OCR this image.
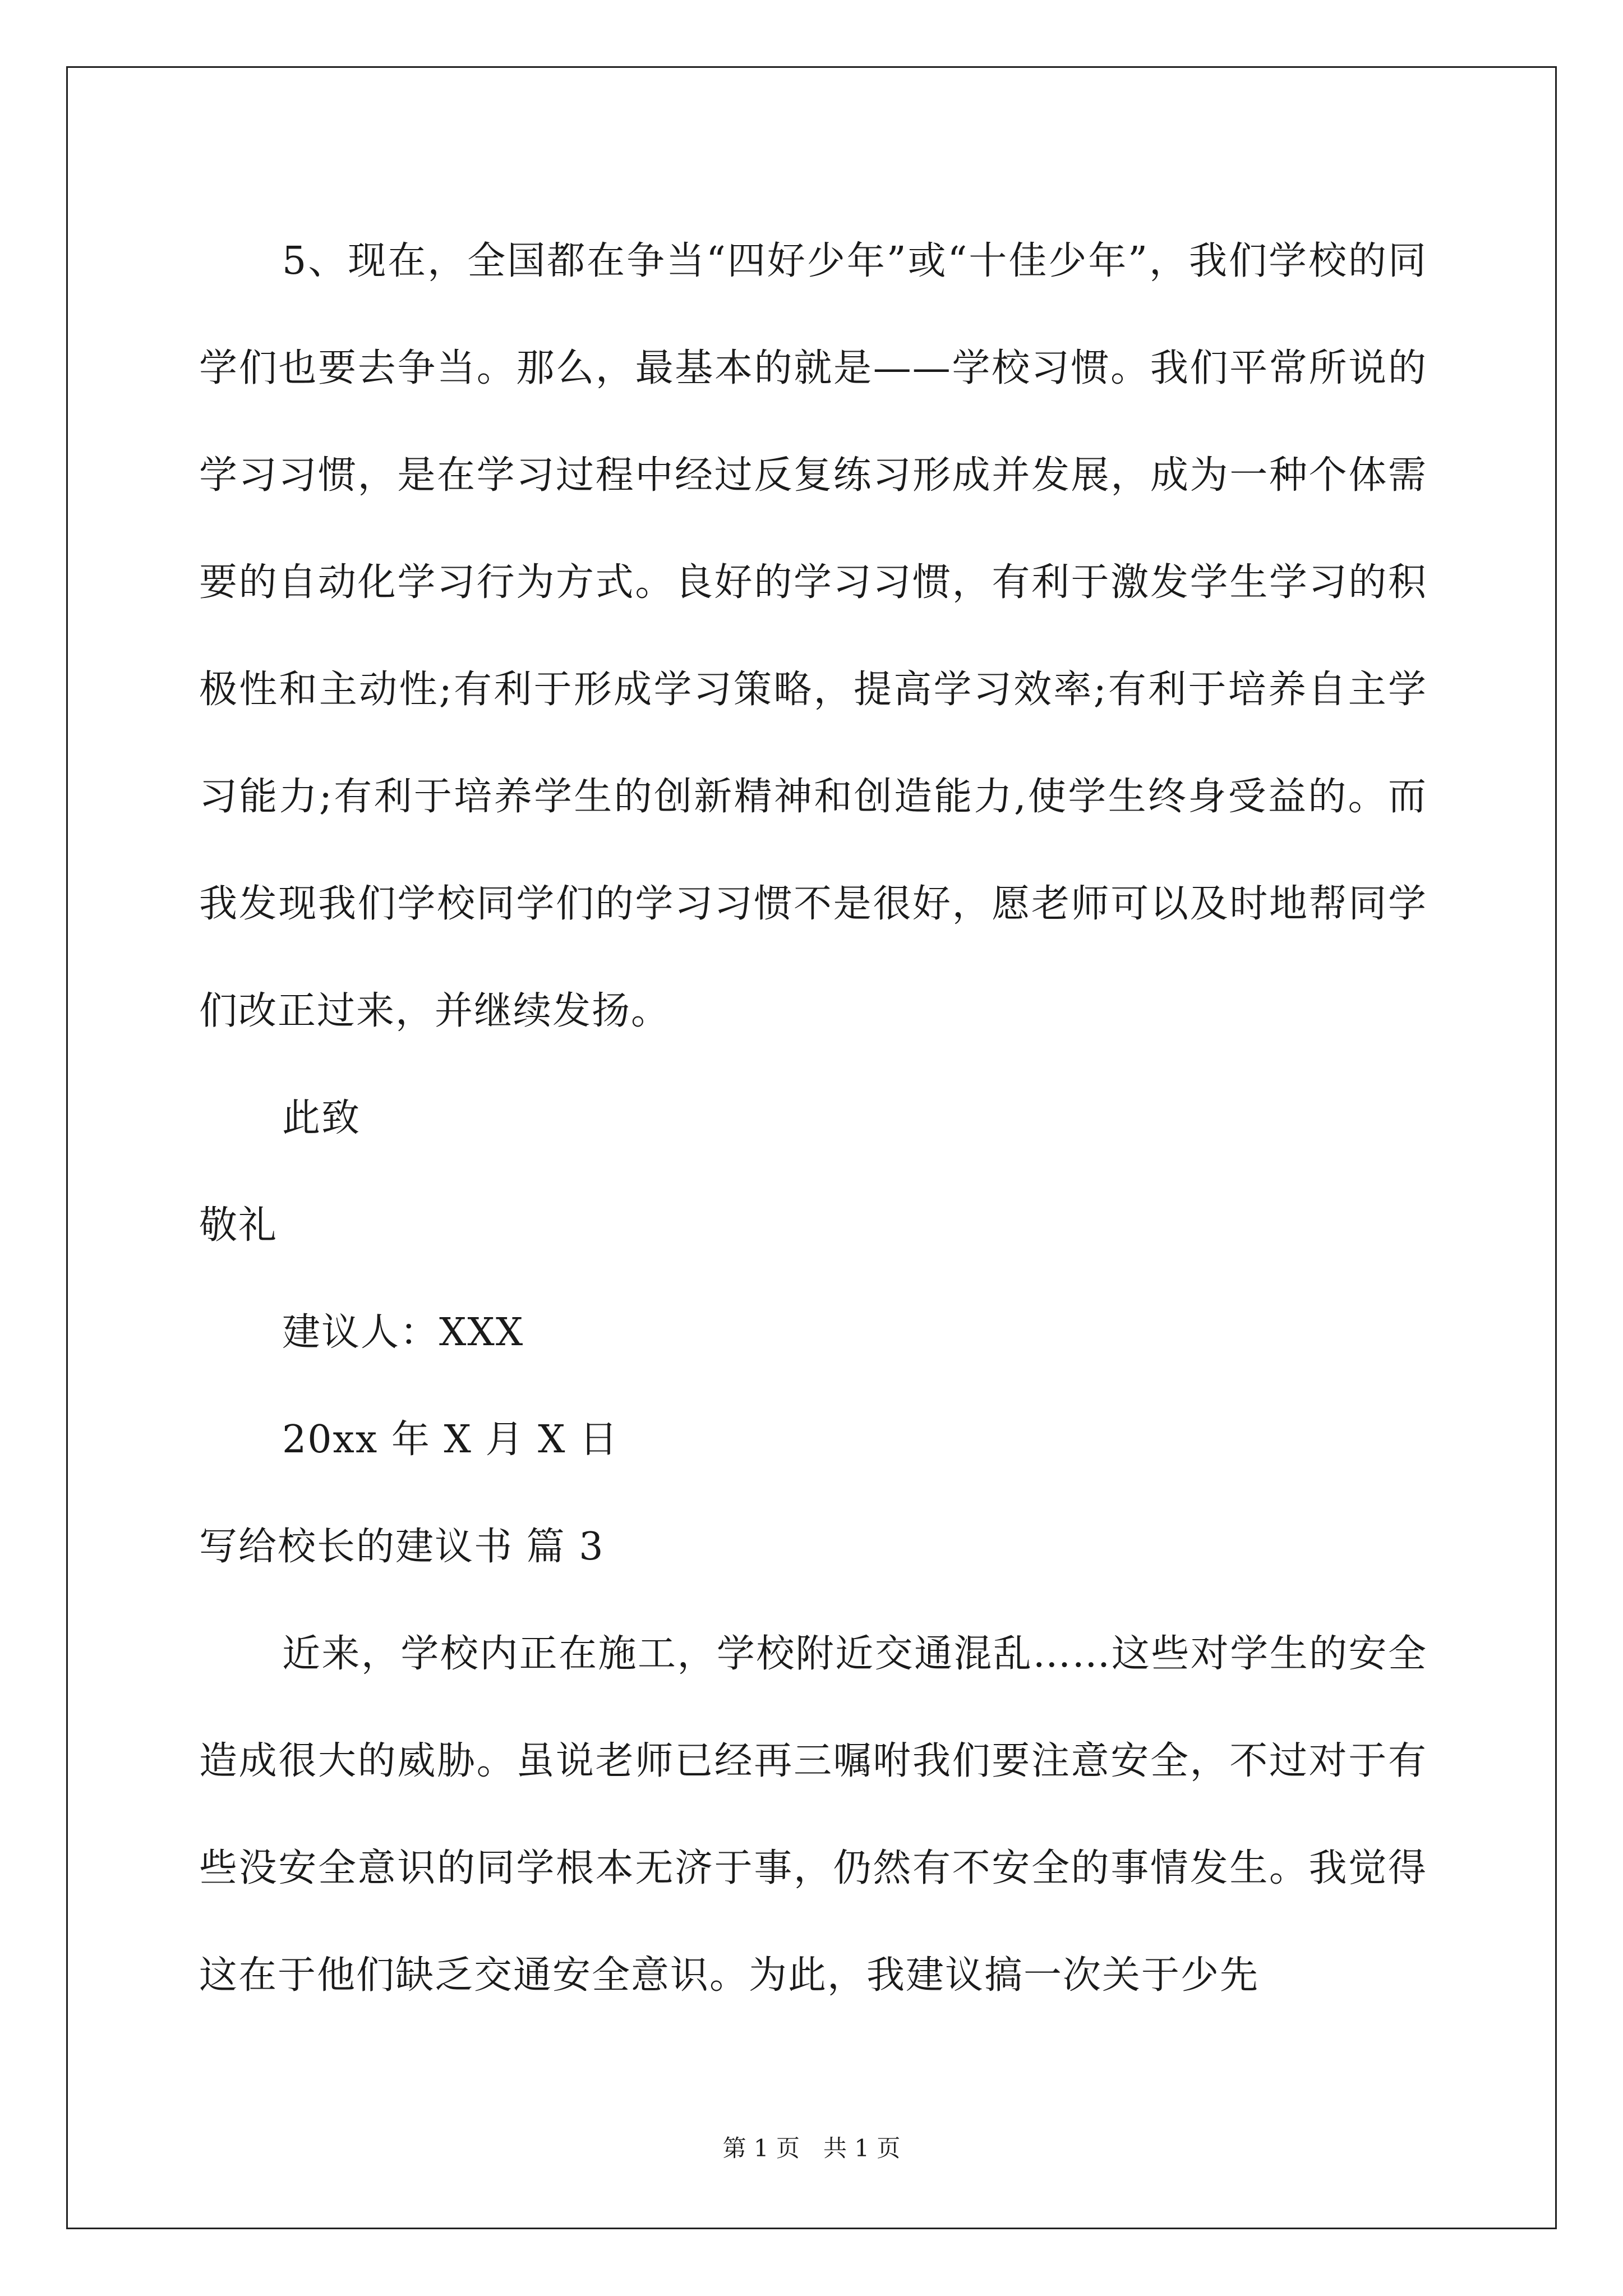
5、现在，全国都在争当“四好少年”或“十佳少年”，我们学校的同学们也要去争当。那么，最基本的就是——学校习惯。我们平常所说的学习习惯，是在学习过程中经过反复练习形成并发展，成为一种个体需要的自动化学习行为方式。良好的学习习惯，有利于激发学生学习的积极性和主动性;有利于形成学习策略，提高学习效率;有利于培养自主学习能力;有利于培养学生的创新精神和创造能力,使学生终身受益的。而我发现我们学校同学们的学习习惯不是很好，愿老师可以及时地帮同学们改正过来，并继续发扬。

此致

敬礼

建议人：XXX

20xx 年 X 月 X 日

写给校长的建议书 篇 3

近来，学校内正在施工，学校附近交通混乱……这些对学生的安全造成很大的威胁。虽说老师已经再三嘱咐我们要注意安全，不过对于有些没安全意识的同学根本无济于事，仍然有不安全的事情发生。我觉得这在于他们缺乏交通安全意识。为此，我建议搞一次关于少先

第 1 页　共 1 页
